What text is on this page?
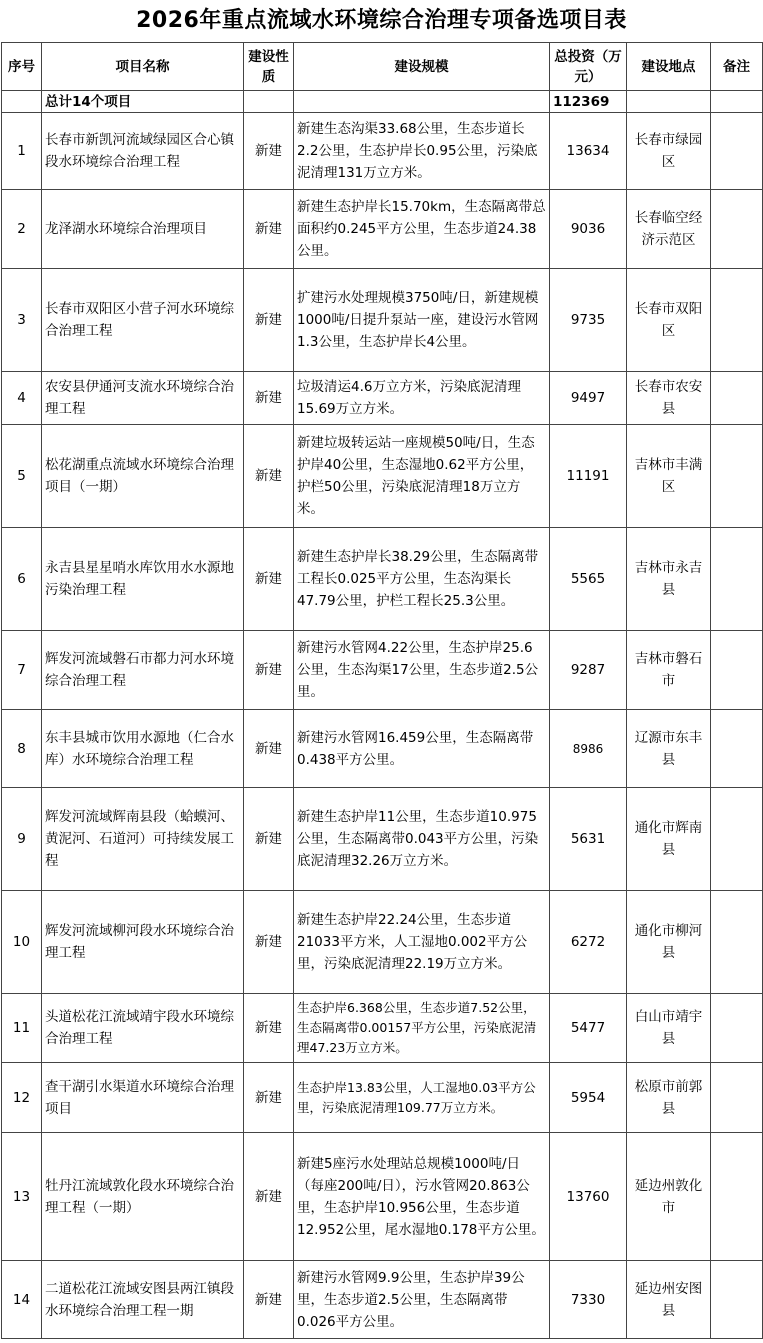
2026年重点流域水环境综合治理专项备选项目表
序号	项目名称	建设性质	建设规模	总投资（万元）	建设地点	备注
	总计14个项目			112369		
1	长春市新凯河流域绿园区合心镇段水环境综合治理工程	新建	新建生态沟渠33.68公里，生态步道长2.2公里，生态护岸长0.95公里，污染底泥清理131万立方米。	13634	长春市绿园区	
2	龙泽湖水环境综合治理项目	新建	新建生态护岸长15.70km，生态隔离带总面积约0.245平方公里，生态步道24.38公里。	9036	长春临空经济示范区	
3	长春市双阳区小营子河水环境综合治理工程	新建	扩建污水处理规模3750吨/日，新建规模1000吨/日提升泵站一座，建设污水管网1.3公里，生态护岸长4公里。	9735	长春市双阳区	
4	农安县伊通河支流水环境综合治理工程	新建	垃圾清运4.6万立方米，污染底泥清理15.69万立方米。	9497	长春市农安县	
5	松花湖重点流域水环境综合治理项目（一期）	新建	新建垃圾转运站一座规模50吨/日，生态护岸40公里，生态湿地0.62平方公里，护栏50公里，污染底泥清理18万立方米。	11191	吉林市丰满区	
6	永吉县星星哨水库饮用水水源地污染治理工程	新建	新建生态护岸长38.29公里，生态隔离带工程长0.025平方公里，生态沟渠长47.79公里，护栏工程长25.3公里。	5565	吉林市永吉县	
7	辉发河流域磐石市都力河水环境综合治理工程	新建	新建污水管网4.22公里，生态护岸25.6公里，生态沟渠17公里，生态步道2.5公里。	9287	吉林市磐石市	
8	东丰县城市饮用水源地（仁合水库）水环境综合治理工程	新建	新建污水管网16.459公里，生态隔离带0.438平方公里。	8986	辽源市东丰县	
9	辉发河流域辉南县段（蛤蟆河、黄泥河、石道河）可持续发展工程	新建	新建生态护岸11公里，生态步道10.975公里，生态隔离带0.043平方公里，污染底泥清理32.26万立方米。	5631	通化市辉南县	
10	辉发河流域柳河段水环境综合治理工程	新建	新建生态护岸22.24公里，生态步道21033平方米，人工湿地0.002平方公里，污染底泥清理22.19万立方米。	6272	通化市柳河县	
11	头道松花江流域靖宇段水环境综合治理工程	新建	生态护岸6.368公里，生态步道7.52公里，生态隔离带0.00157平方公里，污染底泥清理47.23万立方米。	5477	白山市靖宇县	
12	查干湖引水渠道水环境综合治理项目	新建	生态护岸13.83公里，人工湿地0.03平方公里，污染底泥清理109.77万立方米。	5954	松原市前郭县	
13	牡丹江流域敦化段水环境综合治理工程（一期）	新建	新建5座污水处理站总规模1000吨/日（每座200吨/日），污水管网20.863公里，生态护岸10.956公里，生态步道12.952公里，尾水湿地0.178平方公里。	13760	延边州敦化市	
14	二道松花江流域安图县两江镇段水环境综合治理工程一期	新建	新建污水管网9.9公里，生态护岸39公里，生态步道2.5公里，生态隔离带0.026平方公里。	7330	延边州安图县	
